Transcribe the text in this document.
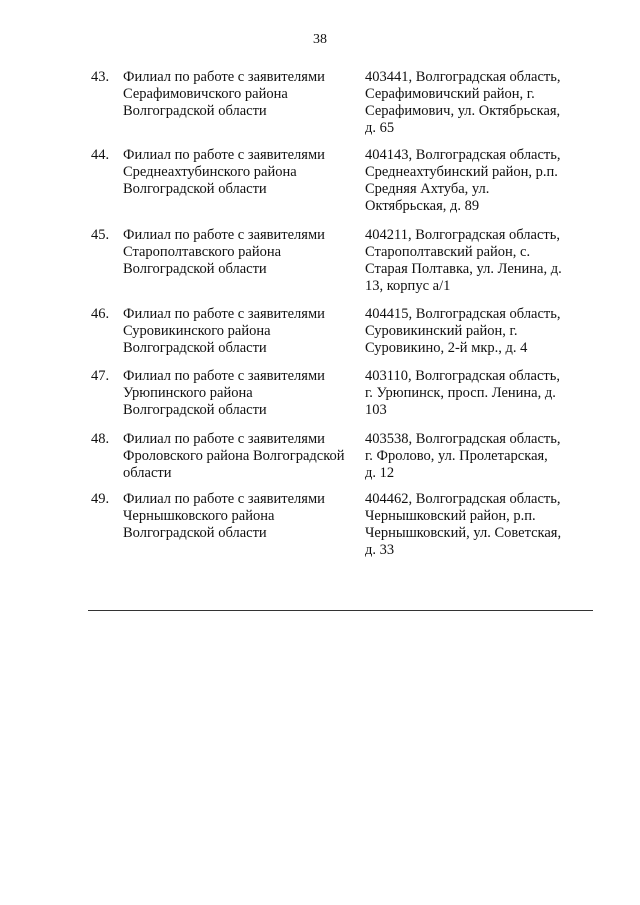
38
43. Филиал по работе с заявителями
Серафимовичского района
Волгоградской области
403441, Волгоградская область,
Серафимовичский район, г.
Серафимович, ул. Октябрьская,
д. 65
44. Филиал по работе с заявителями
Среднеахтубинского района
Волгоградской области
404143, Волгоградская область,
Среднеахтубинский район, р.п.
Средняя Ахтуба, ул.
Октябрьская, д. 89
45. Филиал по работе с заявителями
Старополтавского района
Волгоградской области
404211, Волгоградская область,
Старополтавский район, с.
Старая Полтавка, ул. Ленина, д.
13, корпус а/1
46. Филиал по работе с заявителями
Суровикинского района
Волгоградской области
404415, Волгоградская область,
Суровикинский район, г.
Суровикино, 2-й мкр., д. 4
47. Филиал по работе с заявителями
Урюпинского района
Волгоградской области
403110, Волгоградская область,
г. Урюпинск, просп. Ленина, д.
103
48. Филиал по работе с заявителями
Фроловского района Волгоградской
области
403538, Волгоградская область,
г. Фролово, ул. Пролетарская,
д. 12
49. Филиал по работе с заявителями
Чернышковского района
Волгоградской области
404462, Волгоградская область,
Чернышковский район, р.п.
Чернышковский, ул. Советская,
д. 33
